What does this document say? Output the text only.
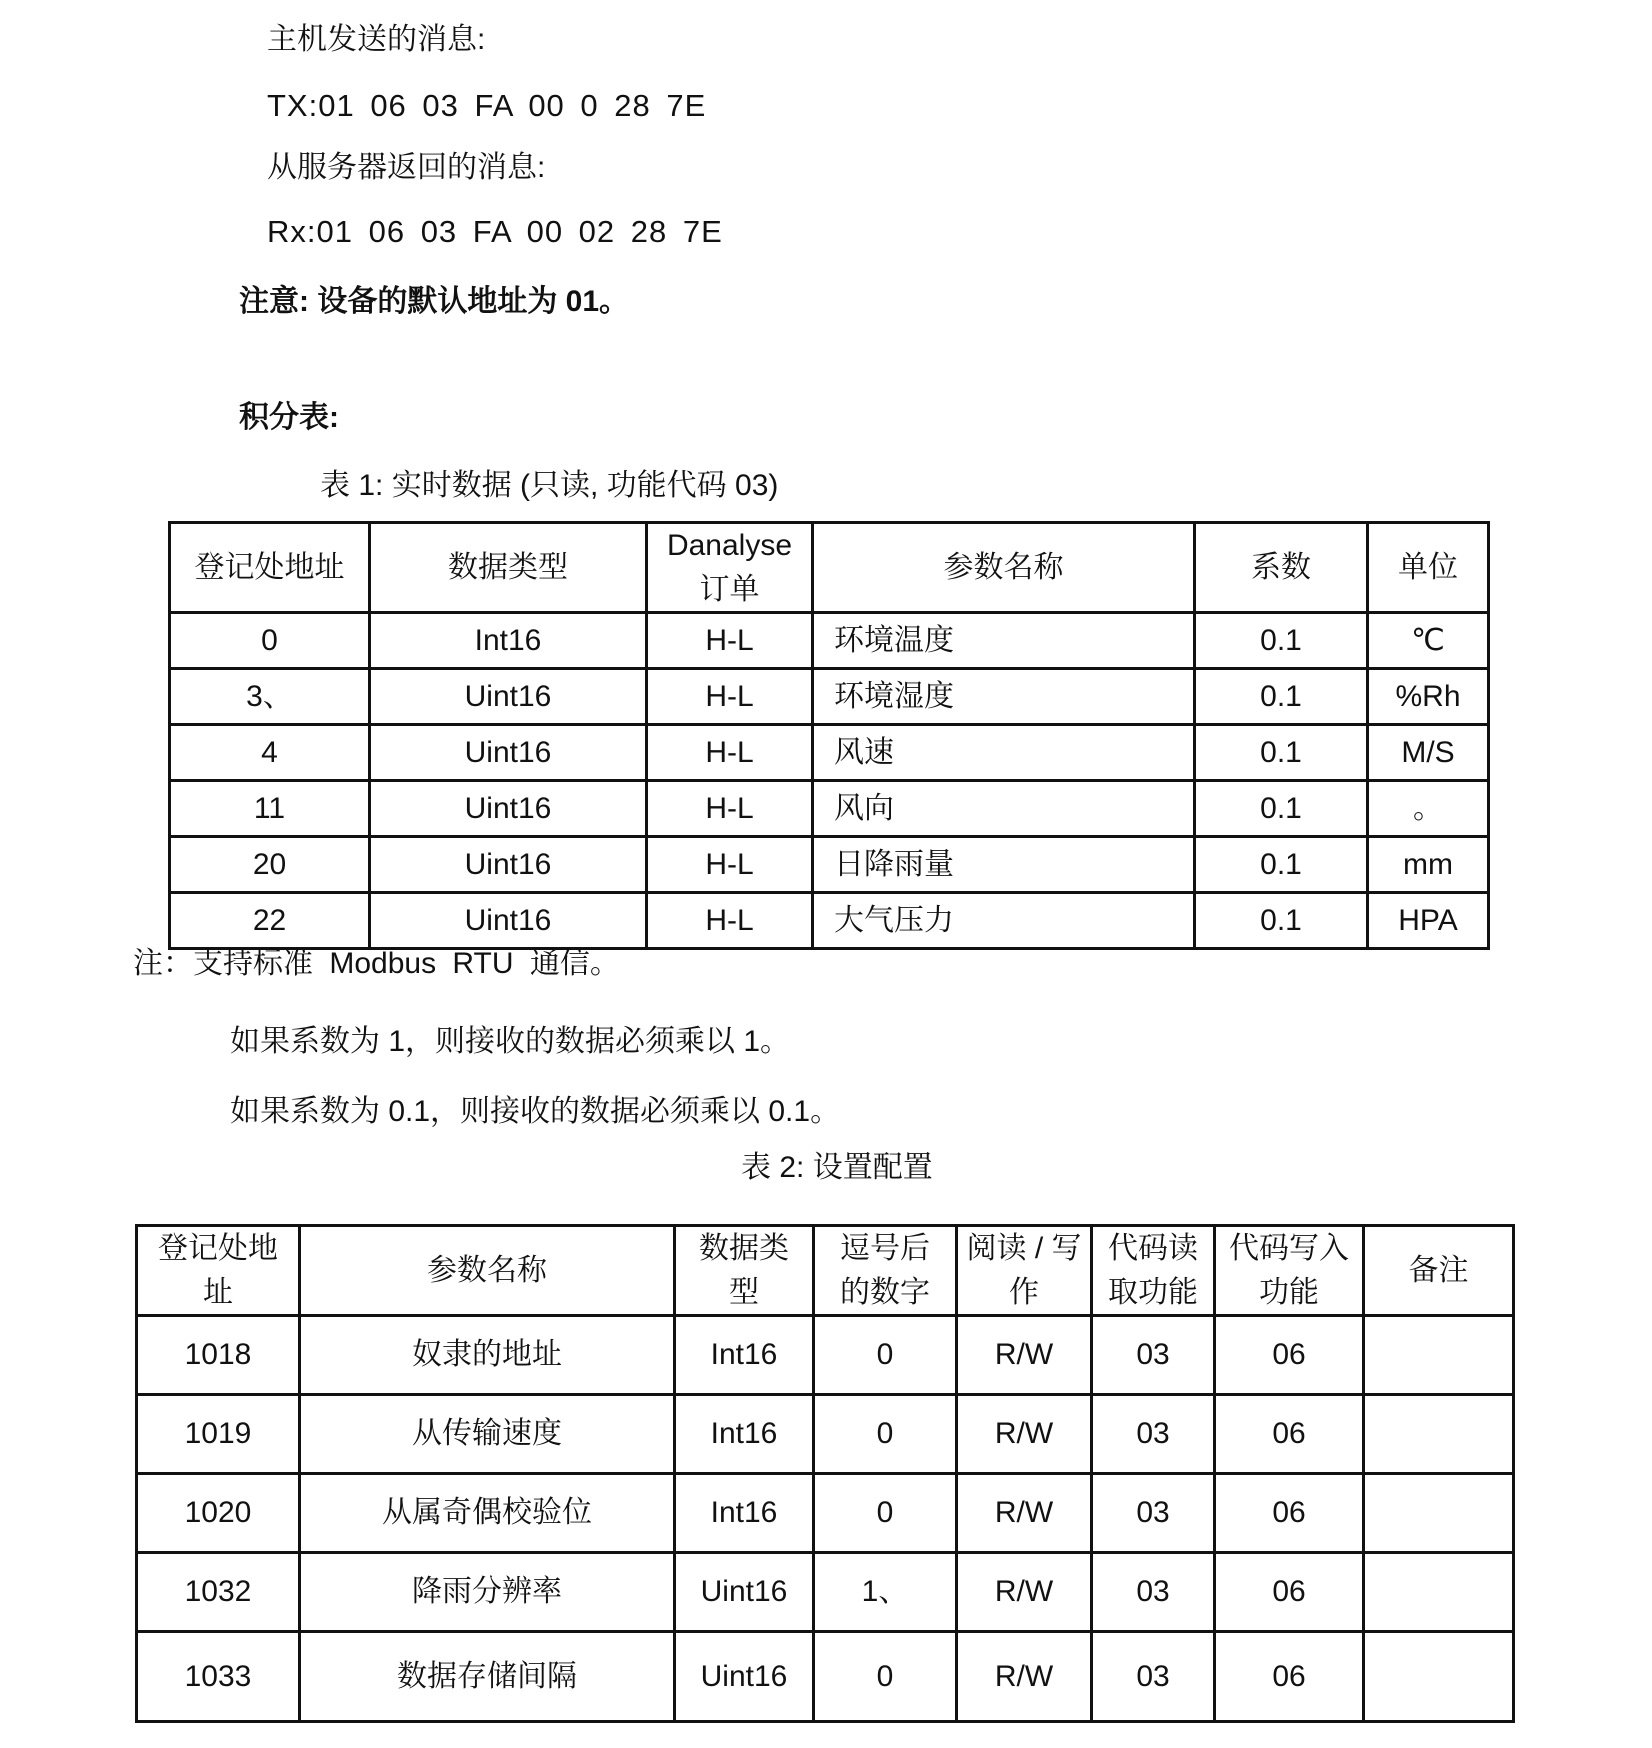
主机发送的消息:
TX:01 06 03 FA 00 0 28 7E
从服务器返回的消息:
Rx:01 06 03 FA 00 02 28 7E
注意: 设备的默认地址为 01。
积分表:
表 1: 实时数据 (只读, 功能代码 03)
登记处地址	数据类型	Danalyse 订单	参数名称	系数	单位
0	Int16	H-L	环境温度	0.1	℃
3、	Uint16	H-L	环境湿度	0.1	%Rh
4	Uint16	H-L	风速	0.1	M/S
11	Uint16	H-L	风向	0.1	。
20	Uint16	H-L	日降雨量	0.1	mm
22	Uint16	H-L	大气压力	0.1	HPA
注：支持标准 Modbus RTU 通信。
如果系数为 1，则接收的数据必须乘以 1。
如果系数为 0.1，则接收的数据必须乘以 0.1。
表 2: 设置配置
登记处地址	参数名称	数据类型	逗号后的数字	阅读 / 写作	代码读取功能	代码写入功能	备注
1018	奴隶的地址	Int16	0	R/W	03	06	
1019	从传输速度	Int16	0	R/W	03	06	
1020	从属奇偶校验位	Int16	0	R/W	03	06	
1032	降雨分辨率	Uint16	1、	R/W	03	06	
1033	数据存储间隔	Uint16	0	R/W	03	06	
